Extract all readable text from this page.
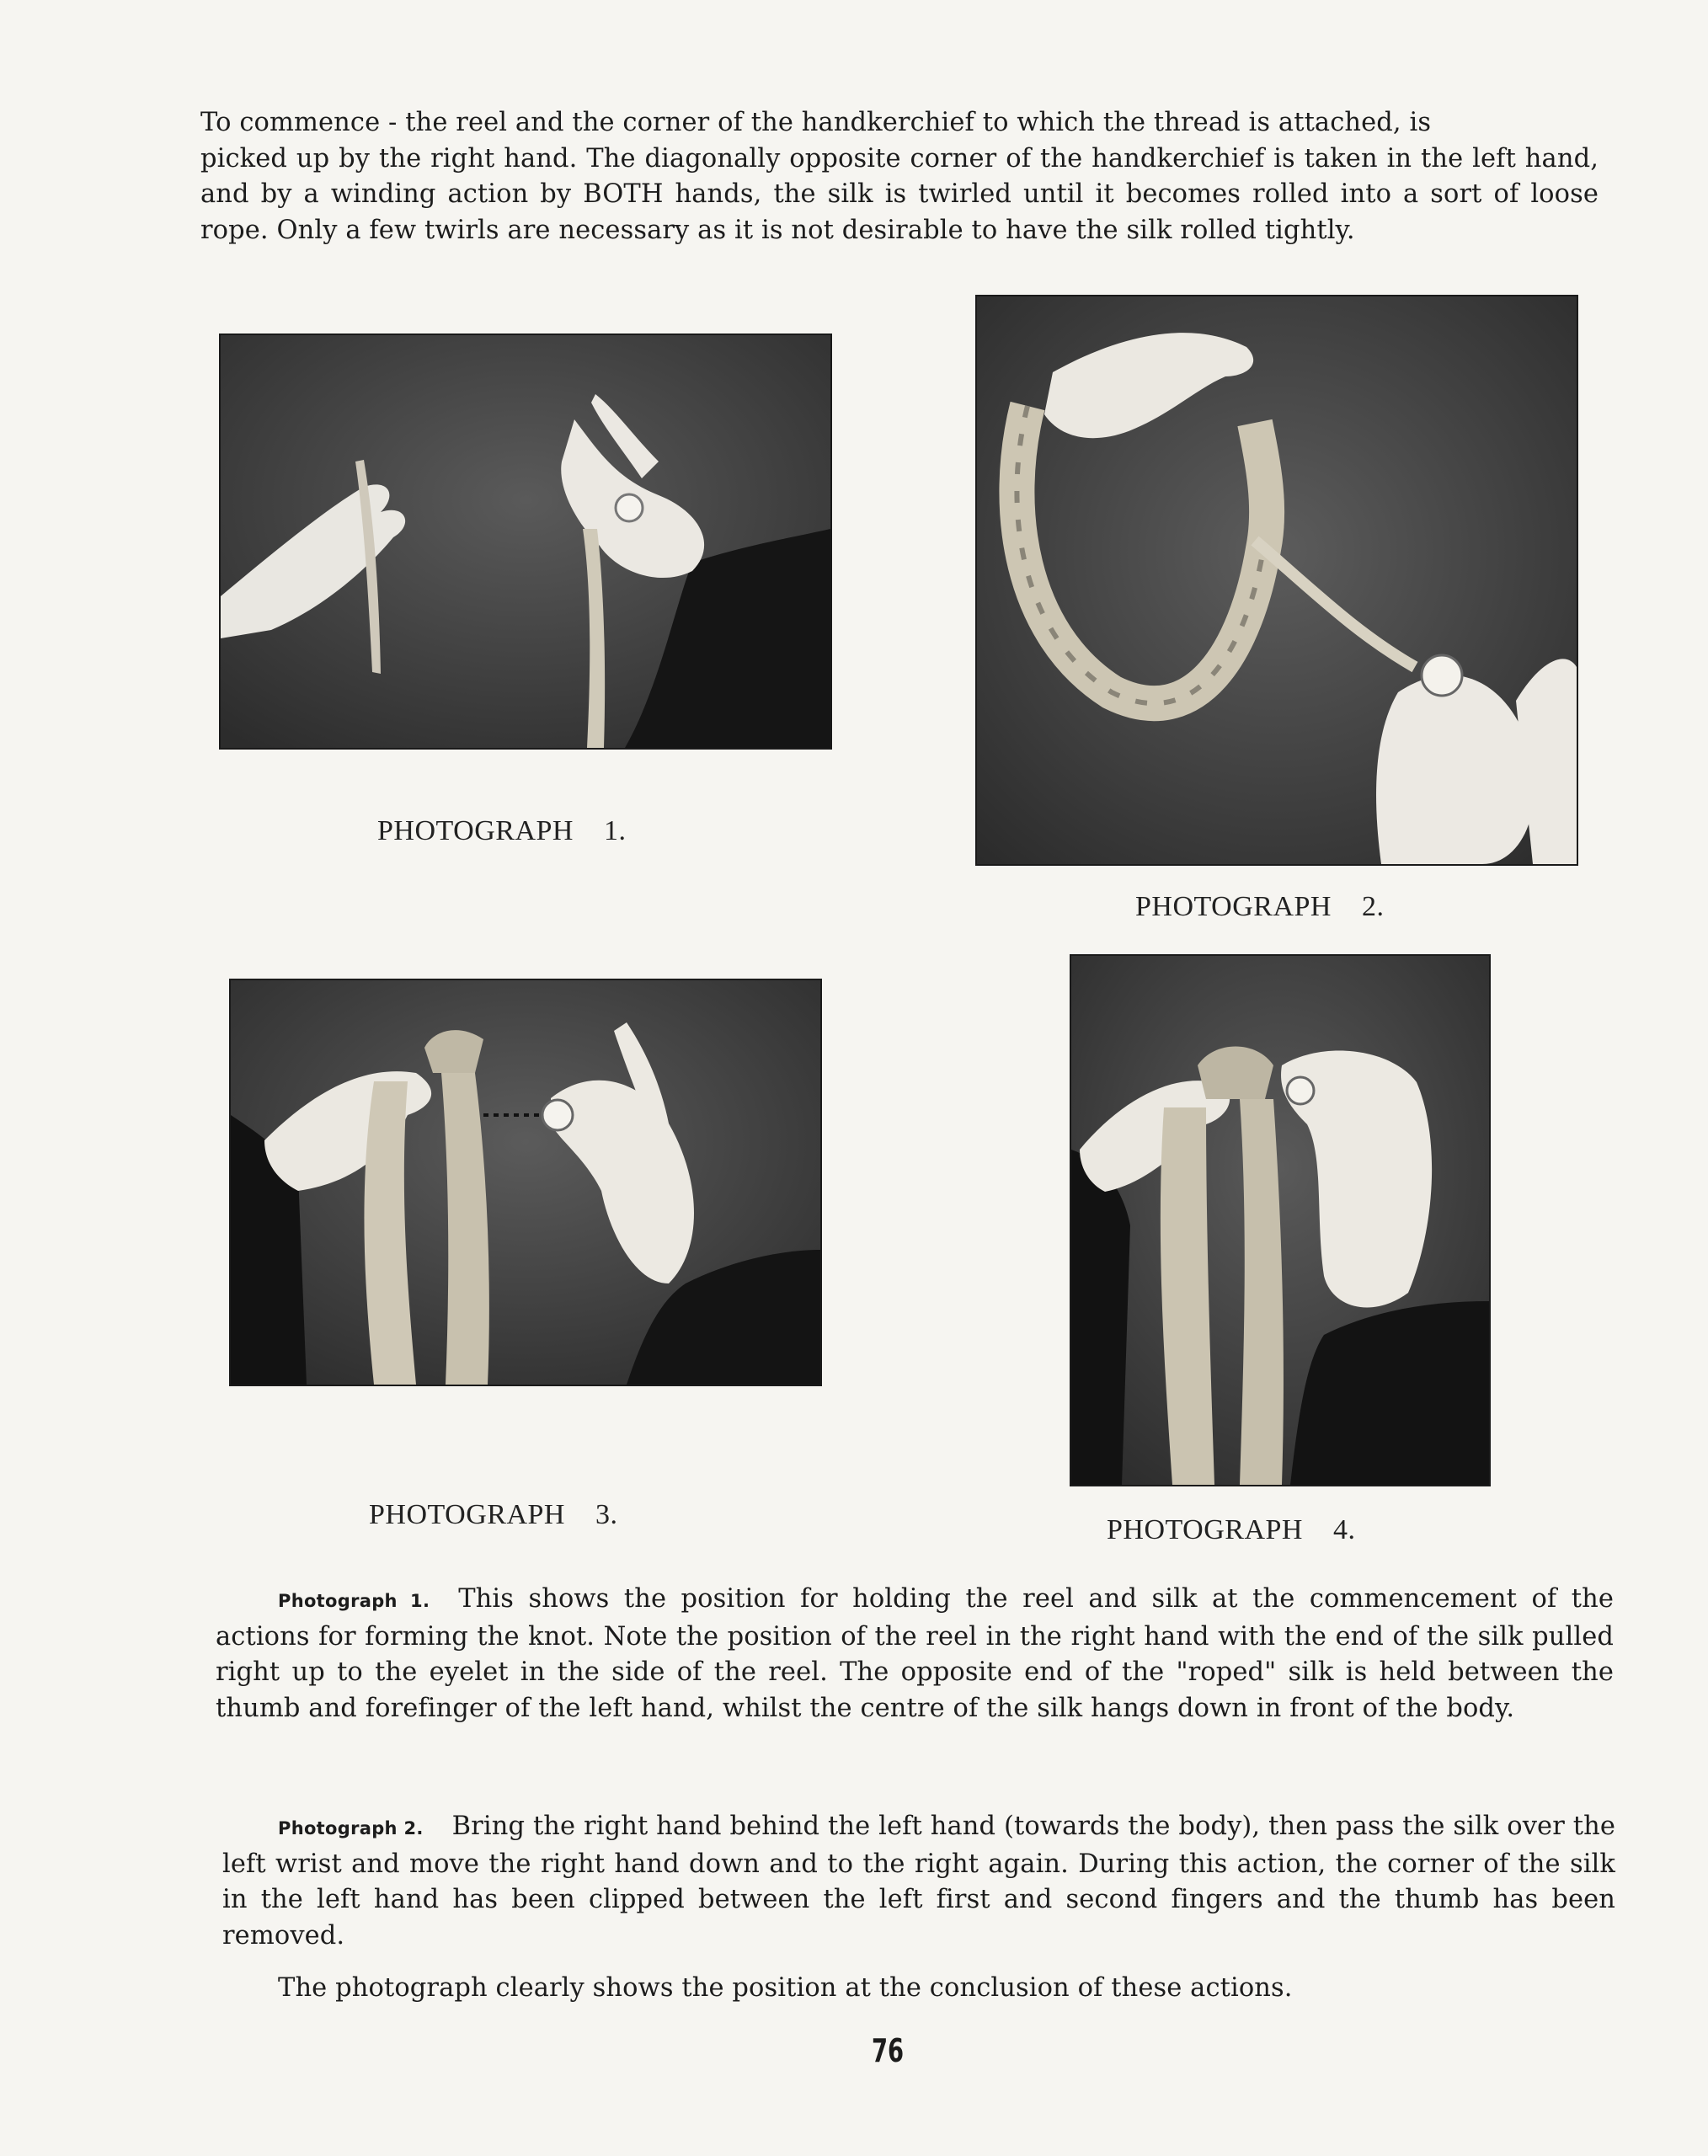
To commence - the reel and the corner of the handkerchief to which the thread is attached, is
picked up by the right hand. The diagonally opposite corner of the handkerchief is taken in the left hand, and by a winding action by BOTH hands, the silk is twirled until it becomes rolled into a sort of loose rope. Only a few twirls are necessary as it is not desirable to have the silk rolled tightly.

PHOTOGRAPH    1.
PHOTOGRAPH    2.
PHOTOGRAPH    3.	PHOTOGRAPH    4.

Photograph 1. This shows the position for holding the reel and silk at the commencement of the actions for forming the knot. Note the position of the reel in the right hand with the end of the silk pulled right up to the eyelet in the side of the reel. The opposite end of the "roped" silk is held between the thumb and forefinger of the left hand, whilst the centre of the silk hangs down in front of the body.

Photograph 2. Bring the right hand behind the left hand (towards the body), then pass the silk over the left wrist and move the right hand down and to the right again. During this action, the corner of the silk in the left hand has been clipped between the left first and second fingers and the thumb has been removed.

The photograph clearly shows the position at the conclusion of these actions.

76
